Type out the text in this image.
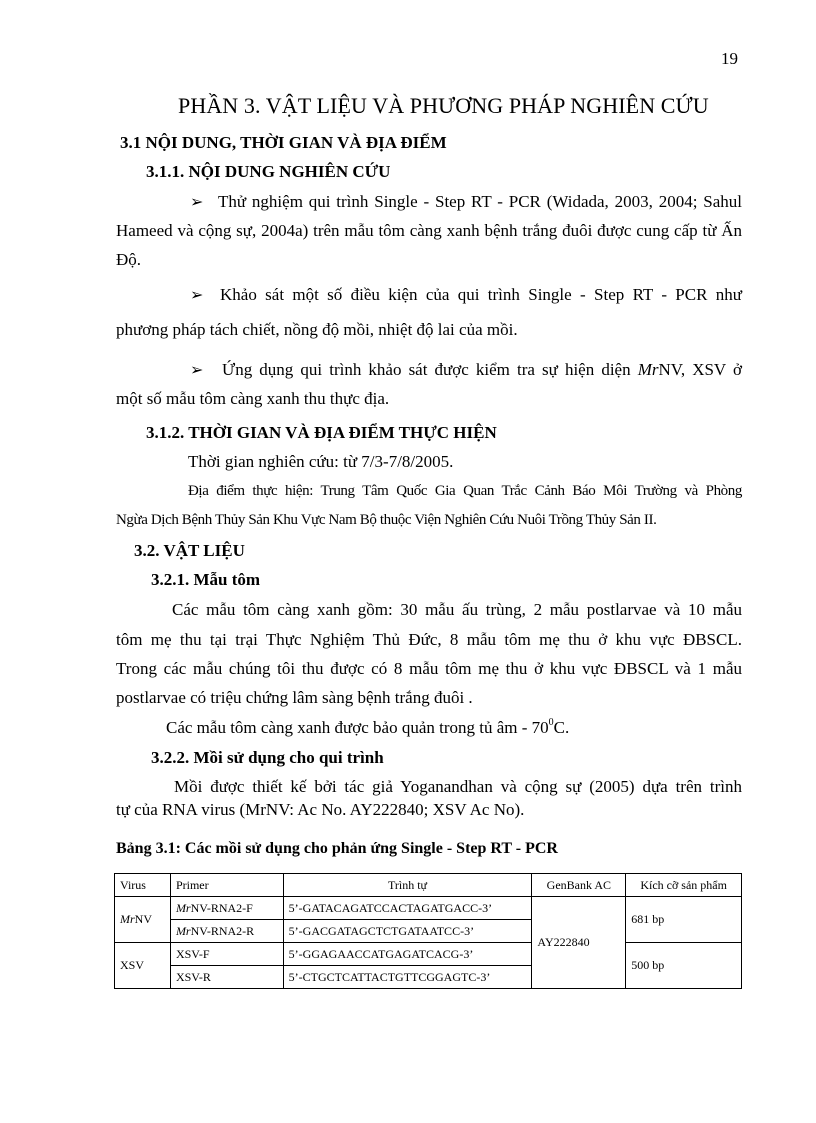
19
PHẦN 3. VẬT LIỆU VÀ PHƯƠNG PHÁP NGHIÊN CỨU
3.1 NỘI DUNG, THỜI GIAN VÀ ĐỊA ĐIỂM
3.1.1. NỘI DUNG NGHIÊN CỨU
➢ Thử nghiệm qui trình Single - Step RT - PCR (Widada, 2003, 2004; Sahul
Hameed và cộng sự, 2004a) trên mẫu tôm càng xanh bệnh trắng đuôi được cung cấp từ Ấn
Độ.
➢ Khảo sát một số điều kiện của qui trình Single - Step RT - PCR như
phương pháp tách chiết, nồng độ mồi, nhiệt độ lai của mồi.
➢ Ứng dụng qui trình khảo sát được kiểm tra sự hiện diện MrNV, XSV ở
một số mẫu tôm càng xanh thu thực địa.
3.1.2. THỜI GIAN VÀ ĐỊA ĐIỂM THỰC HIỆN
Thời gian nghiên cứu: từ 7/3-7/8/2005.
Địa điểm thực hiện: Trung Tâm Quốc Gia Quan Trắc Cảnh Báo Môi Trường và Phòng
Ngừa Dịch Bệnh Thủy Sản Khu Vực Nam Bộ thuộc Viện Nghiên Cứu Nuôi Trồng Thủy Sản II.
3.2. VẬT LIỆU
3.2.1. Mẫu tôm
Các mẫu tôm càng xanh gồm: 30 mẫu ấu trùng, 2 mẫu postlarvae và 10 mẫu
tôm mẹ thu tại trại Thực Nghiệm Thủ Đức, 8 mẫu tôm mẹ thu ở khu vực ĐBSCL.
Trong các mẫu chúng tôi thu được có 8 mẫu tôm mẹ thu ở khu vực ĐBSCL và 1 mẫu
postlarvae có triệu chứng lâm sàng bệnh trắng đuôi .
Các mẫu tôm càng xanh được bảo quản trong tủ âm - $70^0C$.
3.2.2. Mồi sử dụng cho qui trình
Mồi được thiết kế bởi tác giả Yoganandhan và cộng sự (2005) dựa trên trình
tự của RNA virus (MrNV: Ac No. AY222840; XSV Ac No).
Bảng 3.1: Các mồi sử dụng cho phản ứng Single - Step RT - PCR
Virus	Primer	Trình tự	GenBank AC	Kích cỡ sản phẩm
MrNV	MrNV-RNA2-F	5’-GATACAGATCCACTAGATGACC-3’	AY222840	681 bp
	MrNV-RNA2-R	5’-GACGATAGCTCTGATAATCC-3’		
XSV	XSV-F	5’-GGAGAACCATGAGATCACG-3’		500 bp
	XSV-R	5’-CTGCTCATTACTGTTCGGAGTC-3’		
